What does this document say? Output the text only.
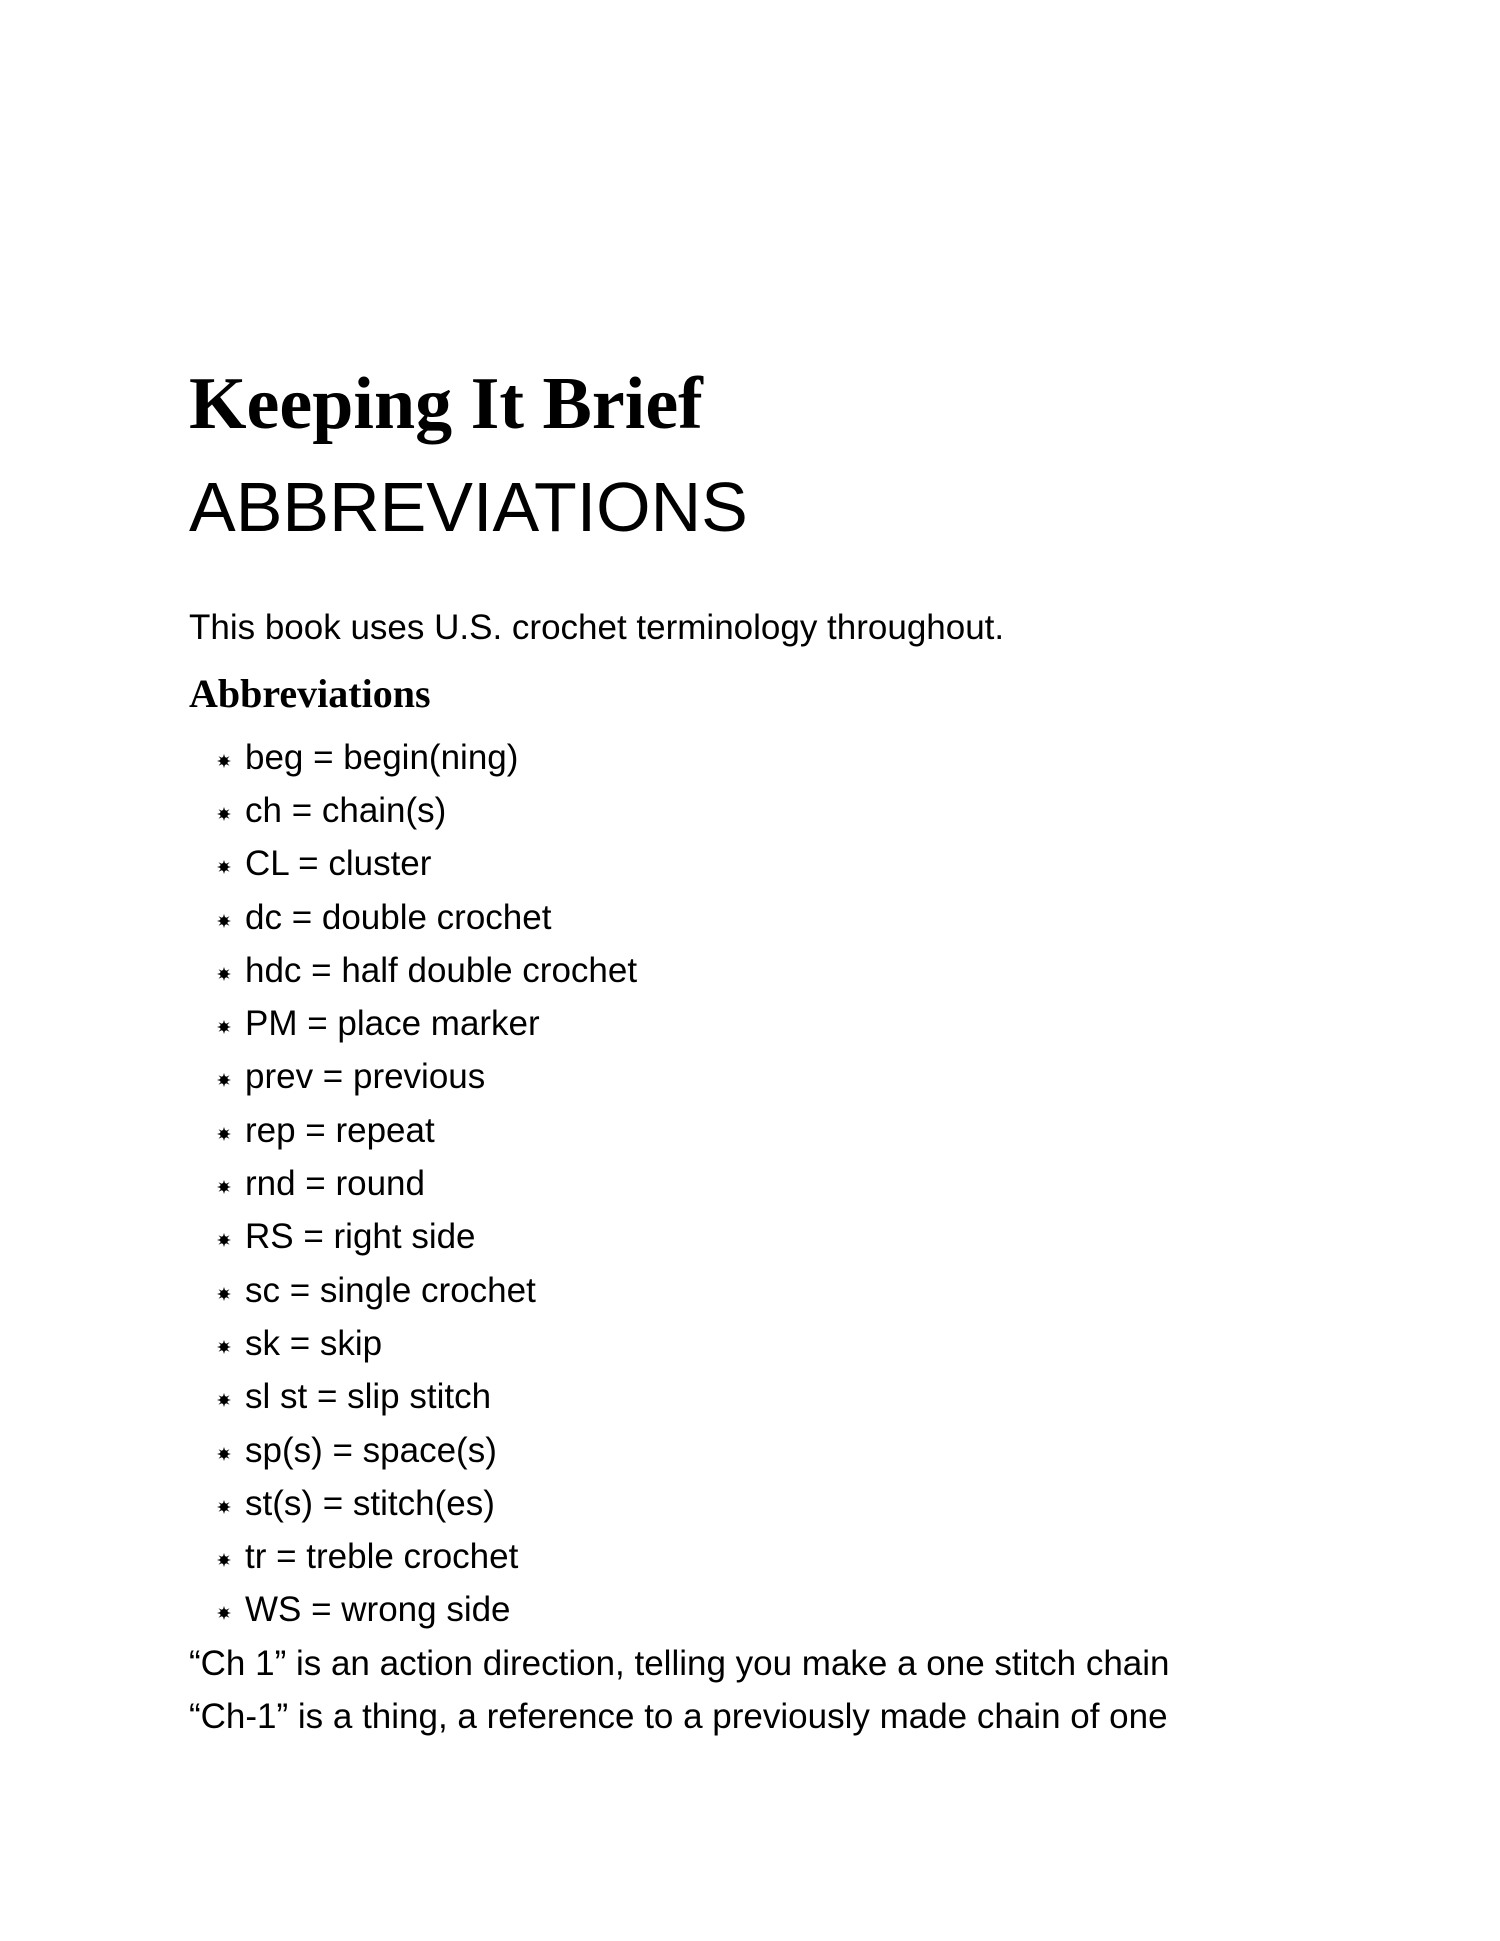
Keeping It Brief
ABBREVIATIONS

This book uses U.S. crochet terminology throughout.

Abbreviations
beg = begin(ning)
ch = chain(s)
CL = cluster
dc = double crochet
hdc = half double crochet
PM = place marker
prev = previous
rep = repeat
rnd = round
RS = right side
sc = single crochet
sk = skip
sl st = slip stitch
sp(s) = space(s)
st(s) = stitch(es)
tr = treble crochet
WS = wrong side

“Ch 1” is an action direction, telling you make a one stitch chain

“Ch-1” is a thing, a reference to a previously made chain of one
